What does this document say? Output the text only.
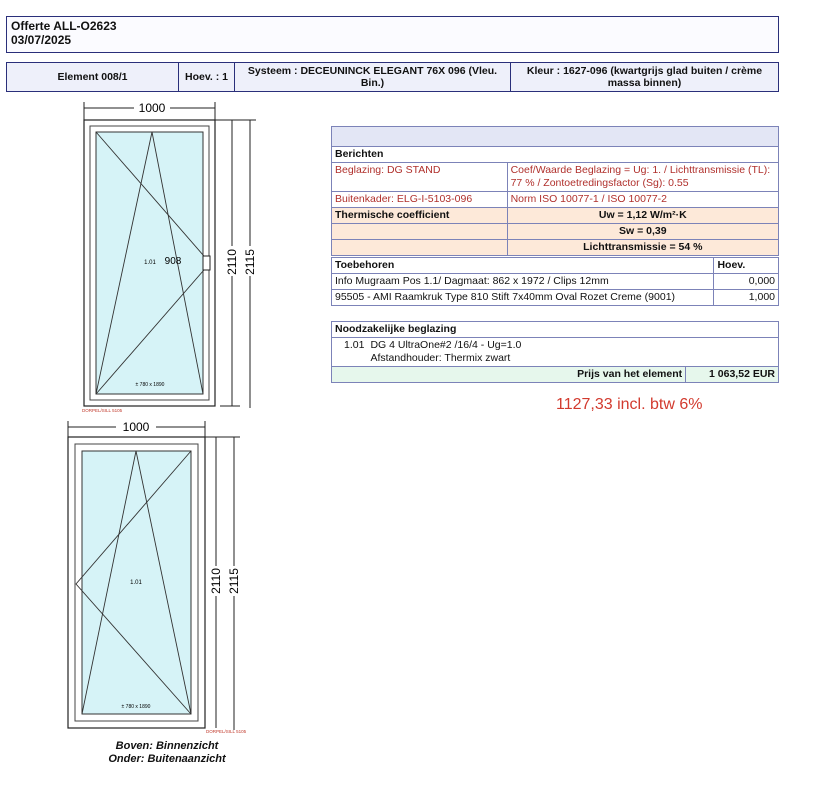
Offerte ALL-O2623
03/07/2025
Element 008/1	Hoev. : 1	Systeem : DECEUNINCK ELEGANT 76X 096 (Vleu. Bin.)
Kleur : 1627-096 (kwartgrijs glad buiten / crème massa binnen)

Berichten	
Beglazing: DG STAND	Coef/Waarde Beglazing = Ug: 1. / Lichttransmissie (TL): 77 % / Zontoetredingsfactor (Sg): 0.55
Buitenkader: ELG-I-5103-096	Norm ISO 10077-1 / ISO 10077-2
Thermische coefficient	Uw = 1,12 W/m²·K
	Sw = 0,39
	Lichttransmissie = 54 %
Toebehoren	Hoev.
Info Mugraam Pos 1.1/ Dagmaat: 862 x 1972 / Clips 12mm	0,000
95505 - AMI Raamkruk Type 810 Stift 7x40mm Oval Rozet Creme (9001)	1,000
Noodzakelijke beglazing		
1.01	DG 4 UltraOne#2 /16/4 - Ug=1.0
Afstandhouder: Thermix zwart	

Prijs van het element		1 063,52 EUR
1127,33 incl. btw 6%
1000
1.01 908
± 780 x 1890
2110 2115
DORPEL/SILL 5105
1000
1.01
± 780 x 1890
2110 2115
DORPEL/SILL 5105
Boven: Binnenzicht
Onder: Buitenaanzicht
